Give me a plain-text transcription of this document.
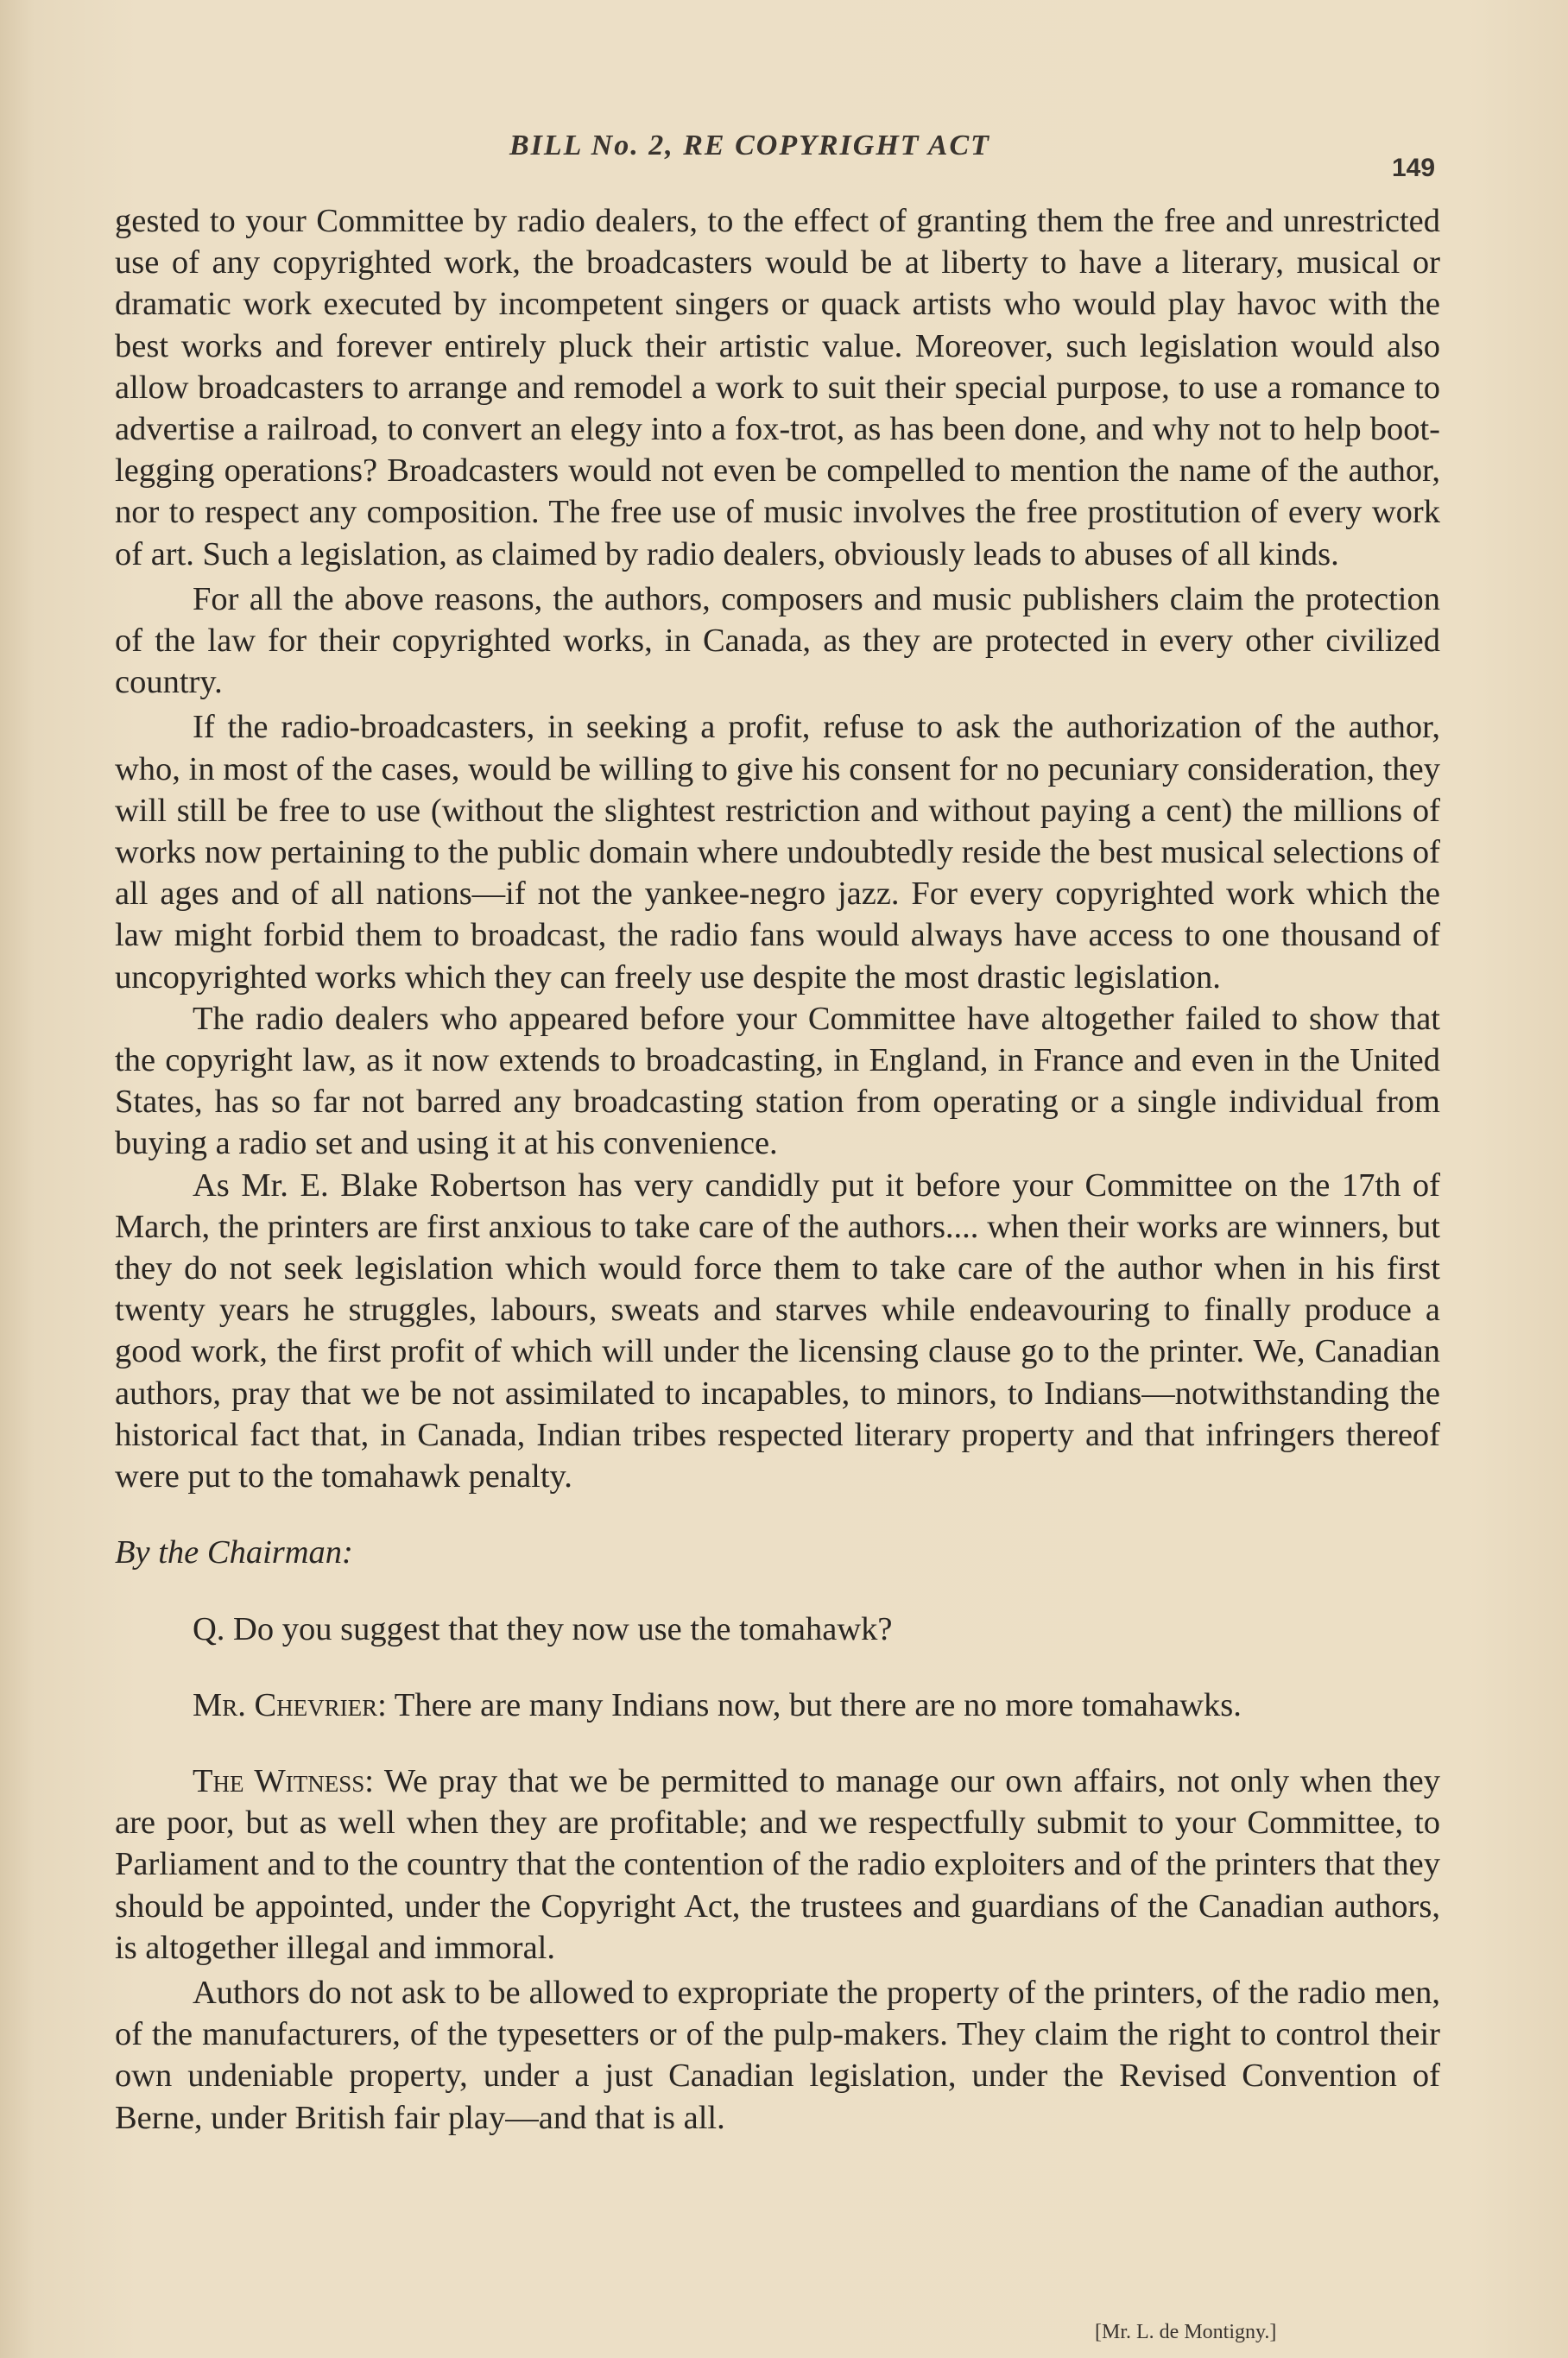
BILL No. 2, RE COPYRIGHT ACT
149

gested to your Committee by radio dealers, to the effect of granting them the free and unrestricted use of any copyrighted work, the broadcasters would be at liberty to have a literary, musical or dramatic work executed by incompetent singers or quack artists who would play havoc with the best works and forever entirely pluck their artistic value. Moreover, such legislation would also allow broadcasters to arrange and remodel a work to suit their special purpose, to use a romance to advertise a railroad, to convert an elegy into a fox-trot, as has been done, and why not to help boot-legging operations? Broadcasters would not even be compelled to mention the name of the author, nor to respect any composition. The free use of music involves the free prostitution of every work of art. Such a legislation, as claimed by radio dealers, obviously leads to abuses of all kinds.

For all the above reasons, the authors, composers and music publishers claim the protection of the law for their copyrighted works, in Canada, as they are protected in every other civilized country.

If the radio-broadcasters, in seeking a profit, refuse to ask the authorization of the author, who, in most of the cases, would be willing to give his consent for no pecuniary consideration, they will still be free to use (without the slightest restriction and without paying a cent) the millions of works now pertaining to the public domain where undoubtedly reside the best musical selections of all ages and of all nations—if not the yankee-negro jazz. For every copyrighted work which the law might forbid them to broadcast, the radio fans would always have access to one thousand of uncopyrighted works which they can freely use despite the most drastic legislation.

The radio dealers who appeared before your Committee have altogether failed to show that the copyright law, as it now extends to broadcasting, in England, in France and even in the United States, has so far not barred any broadcasting station from operating or a single individual from buying a radio set and using it at his convenience.

As Mr. E. Blake Robertson has very candidly put it before your Committee on the 17th of March, the printers are first anxious to take care of the authors.... when their works are winners, but they do not seek legislation which would force them to take care of the author when in his first twenty years he struggles, labours, sweats and starves while endeavouring to finally produce a good work, the first profit of which will under the licensing clause go to the printer. We, Canadian authors, pray that we be not assimilated to incapables, to minors, to Indians—notwithstanding the historical fact that, in Canada, Indian tribes respected literary property and that infringers thereof were put to the tomahawk penalty.

By the Chairman:

Q. Do you suggest that they now use the tomahawk?

Mr. Chevrier: There are many Indians now, but there are no more tomahawks.

The Witness: We pray that we be permitted to manage our own affairs, not only when they are poor, but as well when they are profitable; and we respectfully submit to your Committee, to Parliament and to the country that the contention of the radio exploiters and of the printers that they should be appointed, under the Copyright Act, the trustees and guardians of the Canadian authors, is altogether illegal and immoral.

Authors do not ask to be allowed to expropriate the property of the printers, of the radio men, of the manufacturers, of the typesetters or of the pulp-makers. They claim the right to control their own undeniable property, under a just Canadian legislation, under the Revised Convention of Berne, under British fair play—and that is all.

[Mr. L. de Montigny.]
